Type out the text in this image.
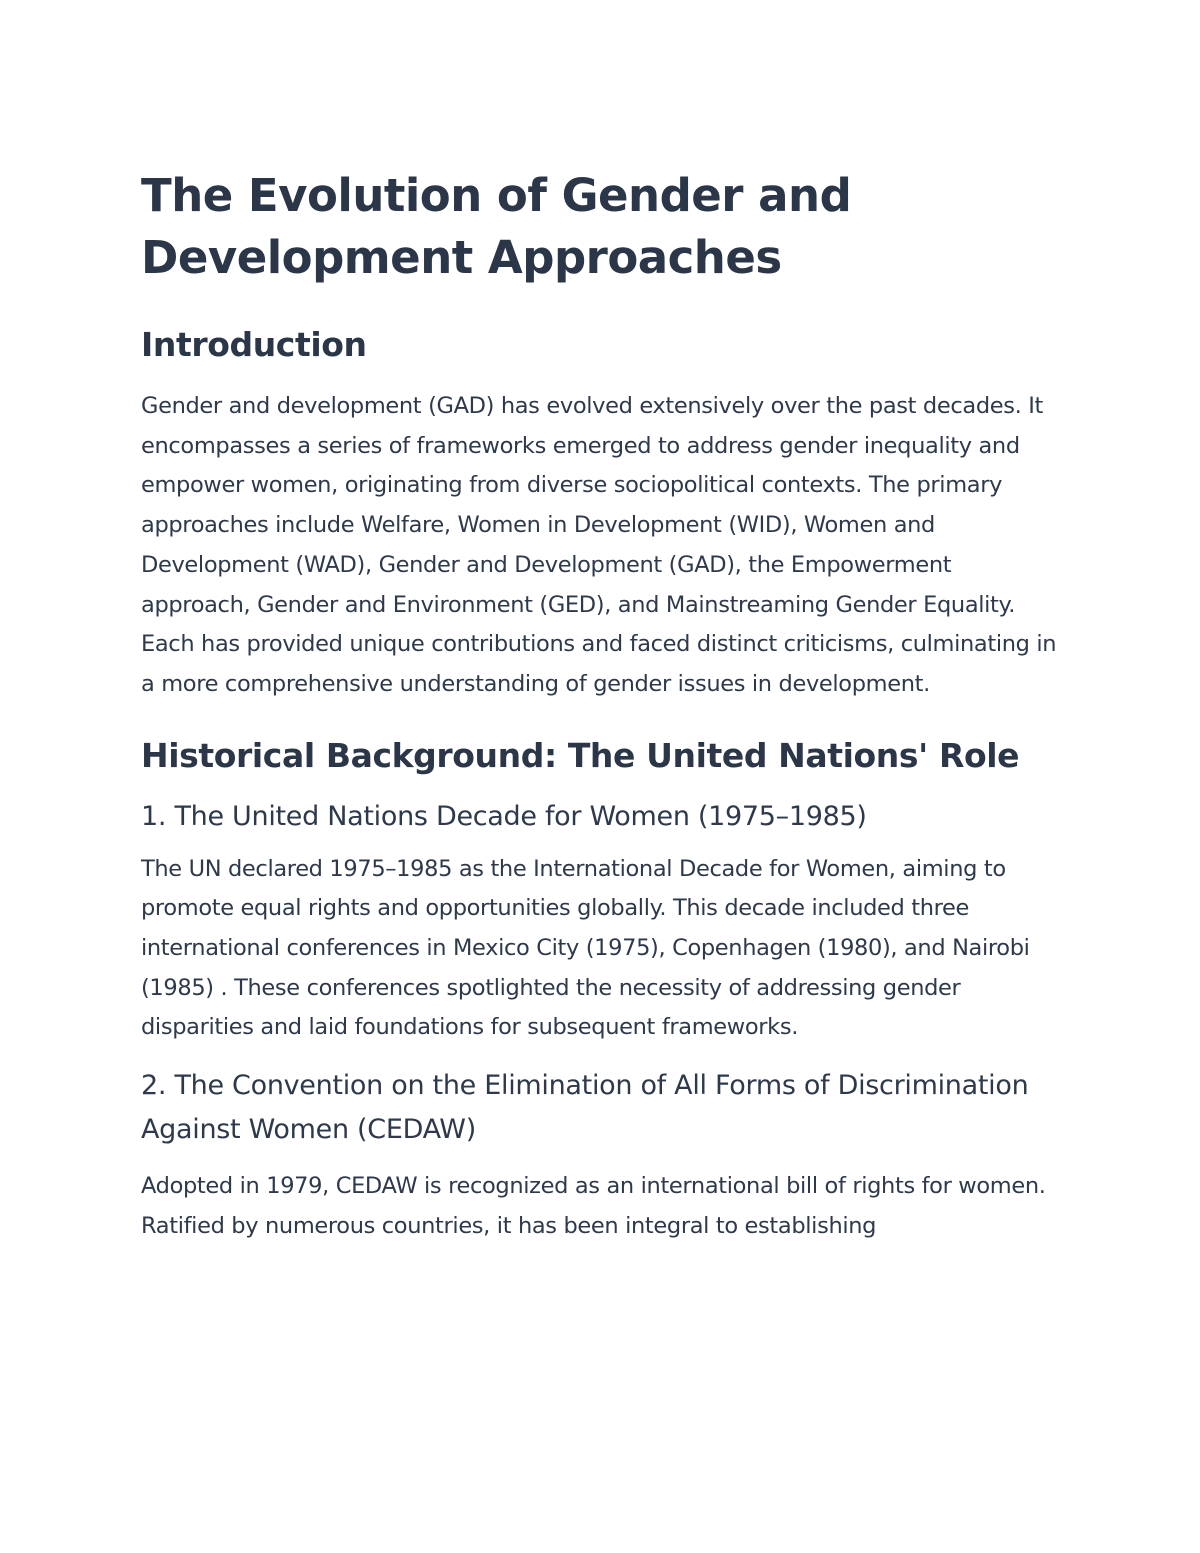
The Evolution of Gender and Development Approaches
Introduction

Gender and development (GAD) has evolved extensively over the past decades. It encompasses a series of frameworks emerged to address gender inequality and empower women, originating from diverse sociopolitical contexts. The primary approaches include Welfare, Women in Development (WID), Women and Development (WAD), Gender and Development (GAD), the Empowerment approach, Gender and Environment (GED), and Mainstreaming Gender Equality. Each has provided unique contributions and faced distinct criticisms, culminating in a more comprehensive understanding of gender issues in development.

Historical Background: The United Nations' Role
1. The United Nations Decade for Women (1975–1985)

The UN declared 1975–1985 as the International Decade for Women, aiming to promote equal rights and opportunities globally. This decade included three international conferences in Mexico City (1975), Copenhagen (1980), and Nairobi (1985) . These conferences spotlighted the necessity of addressing gender disparities and laid foundations for subsequent frameworks.

2. The Convention on the Elimination of All Forms of Discrimination Against Women (CEDAW)

Adopted in 1979, CEDAW is recognized as an international bill of rights for women. Ratified by numerous countries, it has been integral to establishing
